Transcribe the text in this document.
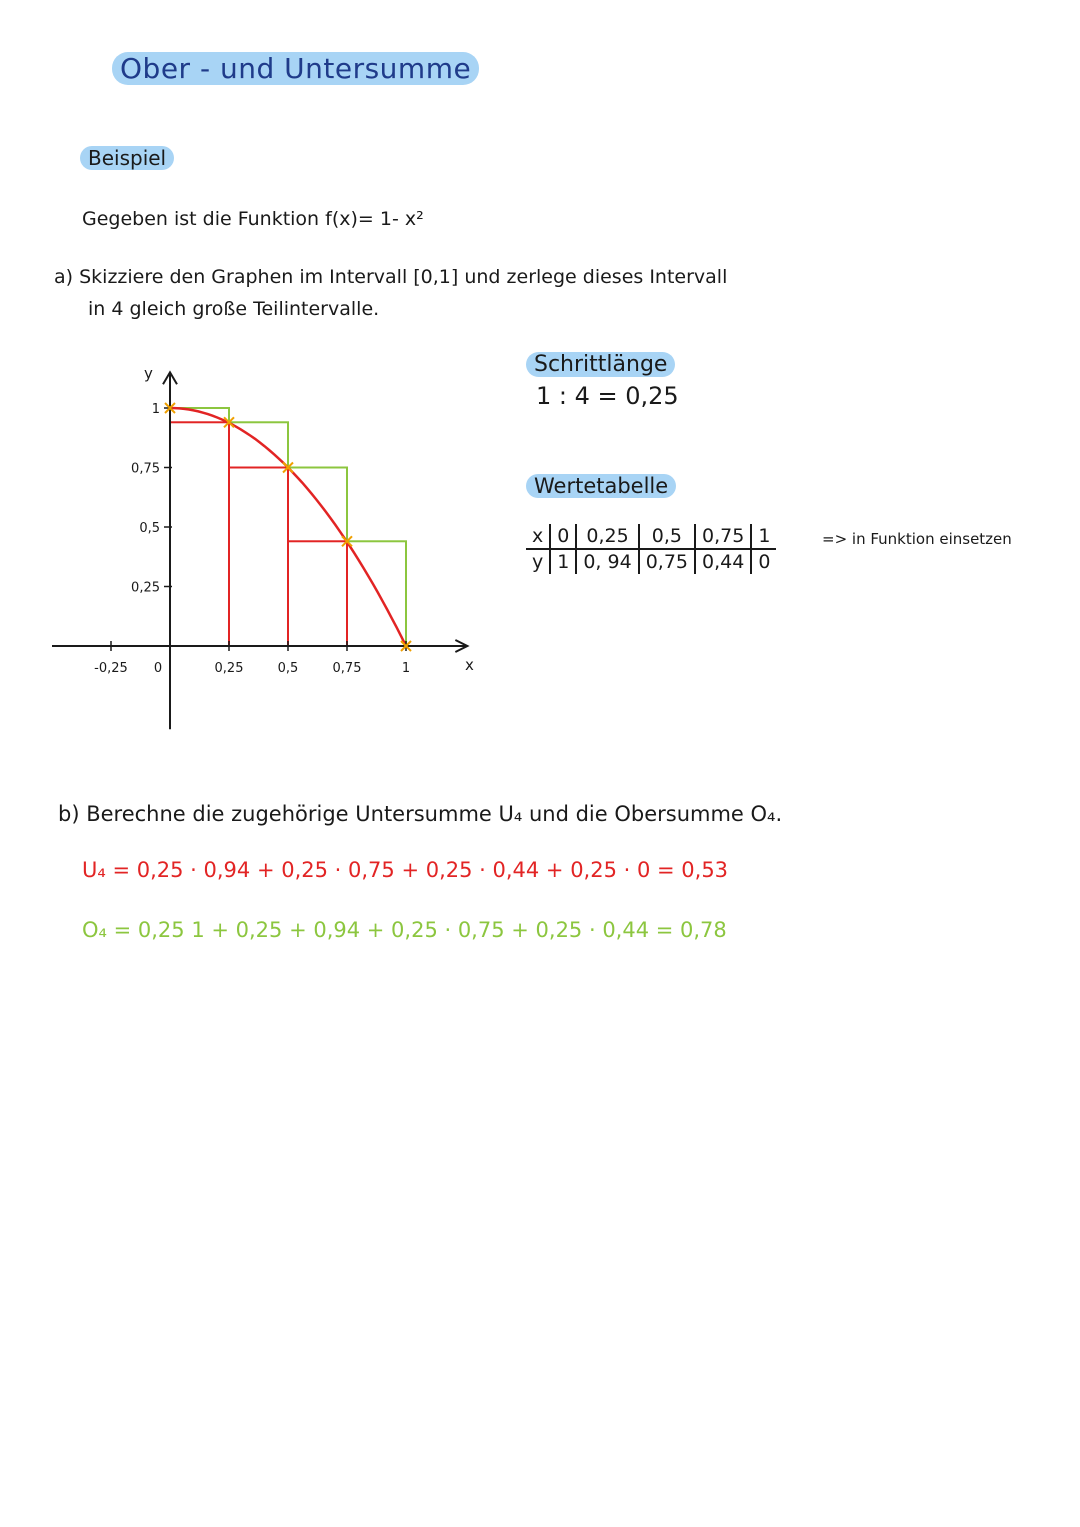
Ober - und Untersumme
Beispiel
Gegeben ist die Funktion f(x)= 1- x²
a) Skizziere den Graphen im Intervall [0,1] und zerlege dieses Intervall
in 4 gleich große Teilintervalle.
x
y
-0,25 0	0,25	0,5	0,75	1
1
0,75
0,5
0,25
Schrittlänge
1 : 4 = 0,25
Wertetabelle
x	0	0,25	0,5	0,75	1
y	1	0, 94	0,75	0,44	0
=> in Funktion einsetzen
b) Berechne die zugehörige Untersumme U₄ und die Obersumme O₄.
U₄ = 0,25 · 0,94 + 0,25 · 0,75 + 0,25 · 0,44 + 0,25 · 0 = 0,53
O₄ = 0,25 1 + 0,25 + 0,94 + 0,25 · 0,75 + 0,25 · 0,44 = 0,78
